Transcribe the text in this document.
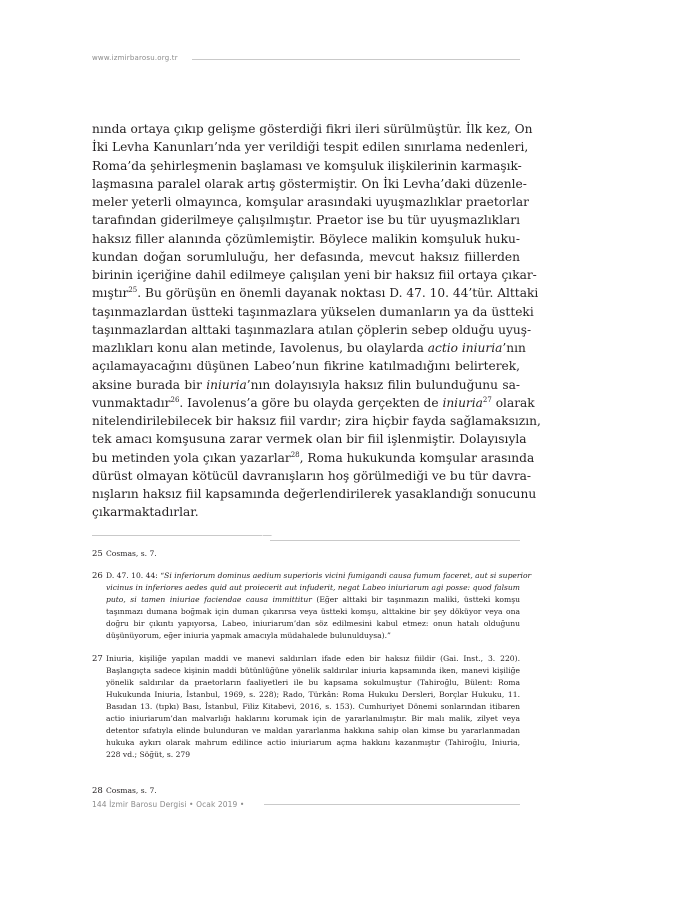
www.izmirbarosu.org.tr

nında ortaya çıkıp gelişme gösterdiği fikri ileri sürülmüştür. İlk kez, On

İki Levha Kanunları’nda yer verildiği tespit edilen sınırlama nedenleri,

Roma’da şehirleşmenin başlaması ve komşuluk ilişkilerinin karmaşık-

laşmasına paralel olarak artış göstermiştir. On İki Levha’daki düzenle-

meler yeterli olmayınca, komşular arasındaki uyuşmazlıklar praetorlar

tarafından giderilmeye çalışılmıştır. Praetor ise bu tür uyuşmazlıkları

haksız filler alanında çözümlemiştir. Böylece malikin komşuluk huku-

kundan doğan sorumluluğu, her defasında, mevcut haksız fiillerden

birinin içeriğine dahil edilmeye çalışılan yeni bir haksız fiil ortaya çıkar-

mıştır$^{25}$. Bu görüşün en önemli dayanak noktası D. 47. 10. 44’tür. Alttaki

taşınmazlardan üstteki taşınmazlara yükselen dumanların ya da üstteki

taşınmazlardan alttaki taşınmazlara atılan çöplerin sebep olduğu uyuş-

mazlıkları konu alan metinde, Iavolenus, bu olaylarda actio iniuria’nın

açılamayacağını düşünen Labeo’nun fikrine katılmadığını belirterek,

aksine burada bir iniuria’nın dolayısıyla haksız filin bulunduğunu sa-

vunmaktadır$^{26}$. Iavolenus’a göre bu olayda gerçekten de iniuria$^{27}$ olarak

nitelendirilebilecek bir haksız fiil vardır; zira hiçbir fayda sağlamaksızın,

tek amacı komşusuna zarar vermek olan bir fiil işlenmiştir. Dolayısıyla

bu metinden yola çıkan yazarlar$^{28}$, Roma hukukunda komşular arasında

dürüst olmayan kötücül davranışların hoş görülmediği ve bu tür davra-

nışların haksız fiil kapsamında değerlendirilerek yasaklandığı sonucunu

çıkarmaktadırlar.

25 Cosmas, s. 7.
26 D. 47. 10. 44: “Si inferiorum dominus aedium superioris vicini fumigandi causa fumum faceret, aut si superior
vicinus in inferiores aedes quid aut proiecerit aut infuderit, negat Labeo iniuriarum agi posse: quod falsum
puto, si tamen iniuriae faciendae causa immittitur (Eğer alttaki bir taşınmazın maliki, üstteki komşu
taşınmazı dumana boğmak için duman çıkarırsa veya üstteki komşu, alttakine bir şey döküyor veya ona
doğru bir çıkıntı yapıyorsa, Labeo, iniuriarum’dan söz edilmesini kabul etmez: onun hatalı olduğunu
düşünüyorum, eğer iniuria yapmak amacıyla müdahalede bulunulduysa).”
27 Iniuria, kişiliğe yapılan maddi ve manevi saldırıları ifade eden bir haksız fiildir (Gai. Inst., 3. 220).
Başlangıçta sadece kişinin maddi bütünlüğüne yönelik saldırılar iniuria kapsamında iken, manevi kişiliğe
yönelik saldırılar da praetorların faaliyetleri ile bu kapsama sokulmuştur (Tahiroğlu, Bülent: Roma
Hukukunda Iniuria, İstanbul, 1969, s. 228); Rado, Türkân: Roma Hukuku Dersleri, Borçlar Hukuku, 11.
Basıdan 13. (tıpkı) Bası, İstanbul, Filiz Kitabevi, 2016, s. 153). Cumhuriyet Dönemi sonlarından itibaren
actio iniuriarum’dan malvarlığı haklarını korumak için de yararlanılmıştır. Bir malı malik, zilyet veya
detentor sıfatıyla elinde bulunduran ve maldan yararlanma hakkına sahip olan kimse bu yararlanmadan
hukuka aykırı olarak mahrum edilince actio iniuriarum açma hakkını kazanmıştır (Tahiroğlu, Iniuria,
228 vd.; Söğüt, s. 279
28 Cosmas, s. 7.
144 İzmir Barosu Dergisi • Ocak 2019 •
